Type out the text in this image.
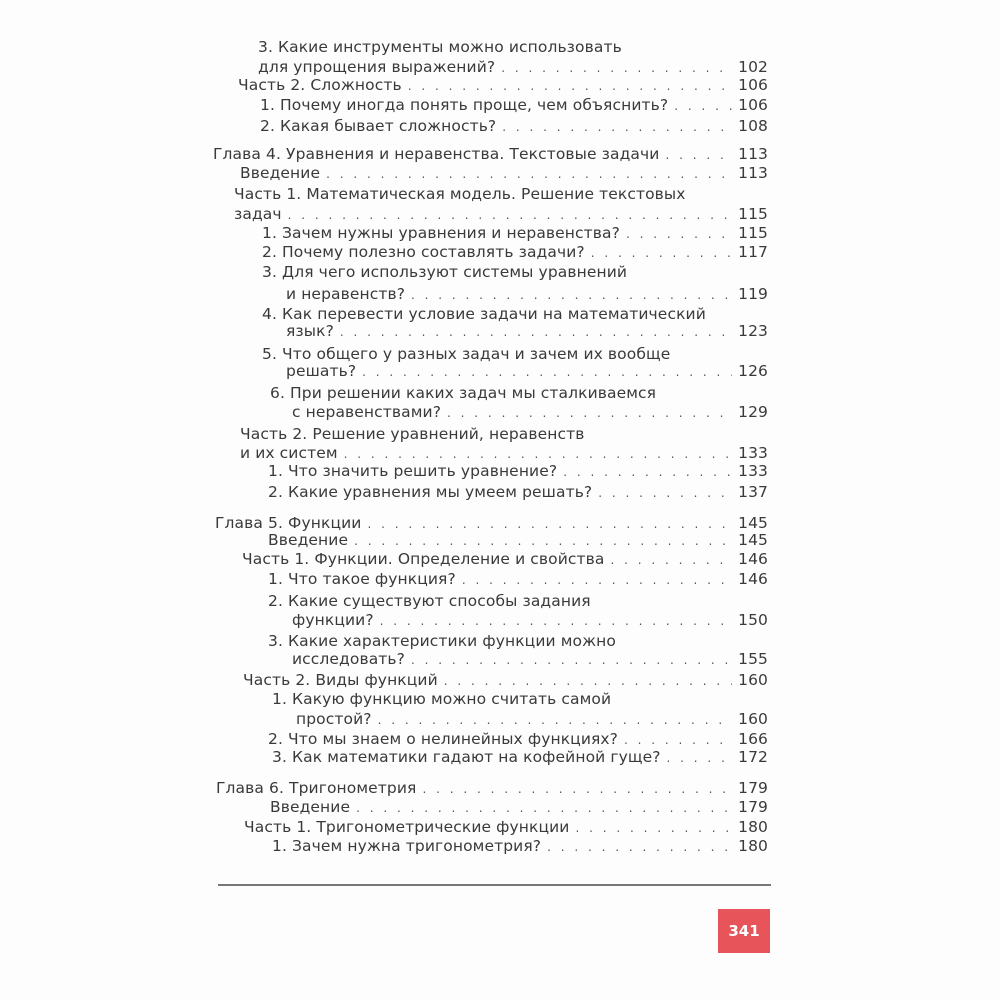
3. Какие инструменты можно использовать
для упрощения выражений? . . .	102
Часть 2. Сложность . . .	106
1. Почему иногда понять проще, чем объяснить? . . .	106
2. Какая бывает сложность? . . .	108
Глава 4. Уравнения и неравенства. Текстовые задачи . . .	113
Введение . . .	113
Часть 1. Математическая модель. Решение текстовых
задач . . .	115
1. Зачем нужны уравнения и неравенства? . . .	115
2. Почему полезно составлять задачи? . . .	117
3. Для чего используют системы уравнений
и неравенств? . . .	119
4. Как перевести условие задачи на математический
язык? . . .	123
5. Что общего у разных задач и зачем их вообще
решать? . . .	126
6. При решении каких задач мы сталкиваемся
с неравенствами? . . .	129
Часть 2. Решение уравнений, неравенств
и их систем . . .	133
1. Что значить решить уравнение? . . .	133
2. Какие уравнения мы умеем решать? . . .	137
Глава 5. Функции . . .	145
Введение . . .	145
Часть 1. Функции. Определение и свойства . . .	146
1. Что такое функция? . . .	146
2. Какие существуют способы задания
функции? . . .	150
3. Какие характеристики функции можно
исследовать? . . .	155
Часть 2. Виды функций . . .	160
1. Какую функцию можно считать самой
простой? . . .	160
2. Что мы знаем о нелинейных функциях? . . .	166
3. Как математики гадают на кофейной гуще? . . .	172
Глава 6. Тригонометрия . . .	179
Введение . . .	179
Часть 1. Тригонометрические функции . . .	180
1. Зачем нужна тригонометрия? . . .	180
341
